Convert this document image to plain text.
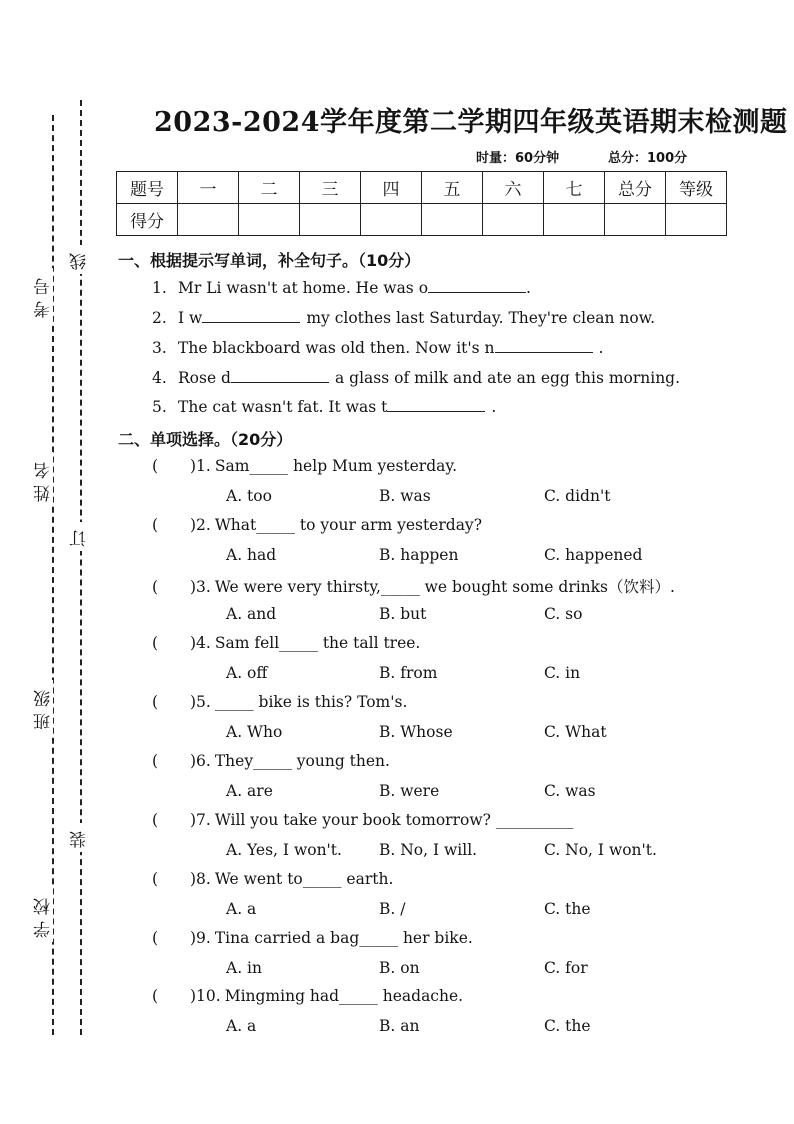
线
订
装
考号
姓名
班级
学校
2023-2024学年度第二学期四年级英语期末检测题
时量：60分钟	总分：100分
题号	一	二	三	四	五	六	七	总分	等级
得分									
一、根据提示写单词，补全句子。（10分）
1. Mr Li wasn't at home. He was o	.
2. I w	my clothes last Saturday. They're clean now.
3. The blackboard was old then. Now it's n	.
4. Rose d	a glass of milk and ate an egg this morning.
5. The cat wasn't fat. It was t	.
二、单项选择。（20分）
( )1. Sam_____ help Mum yesterday.
A. too	B. was	C. didn't
( )2. What_____ to your arm yesterday?
A. had	B. happen	C. happened
( )3. We were very thirsty,_____ we bought some drinks（饮料）.
A. and	B. but	C. so
( )4. Sam fell_____ the tall tree.
A. off	B. from	C. in
( )5. _____ bike is this? Tom's.
A. Who	B. Whose	C. What
( )6. They_____ young then.
A. are	B. were	C. was
( )7. Will you take your book tomorrow? __________
A. Yes, I won't. B. No, I will.	C. No, I won't.
( )8. We went to_____ earth.
A. a	B. /	C. the
( )9. Tina carried a bag_____ her bike.
A. in	B. on	C. for
( )10. Mingming had_____ headache.
A. a	B. an	C. the
